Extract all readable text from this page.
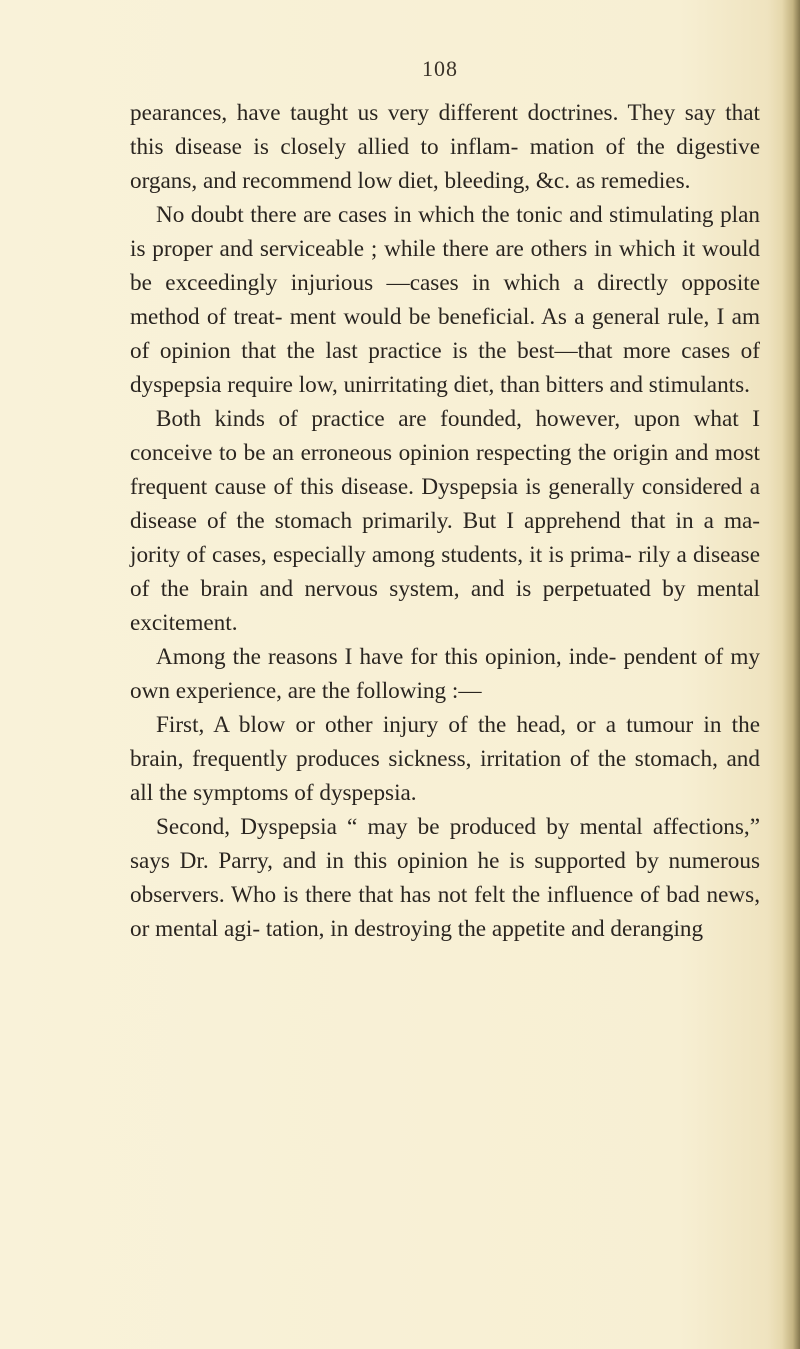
108

pearances, have taught us very different doctrines. They say that this disease is closely allied to inflam- mation of the digestive organs, and recommend low diet, bleeding, &c. as remedies.

No doubt there are cases in which the tonic and stimulating plan is proper and serviceable ; while there are others in which it would be exceedingly injurious —cases in which a directly opposite method of treat- ment would be beneficial. As a general rule, I am of opinion that the last practice is the best—that more cases of dyspepsia require low, unirritating diet, than bitters and stimulants.

Both kinds of practice are founded, however, upon what I conceive to be an erroneous opinion respecting the origin and most frequent cause of this disease. Dyspepsia is generally considered a disease of the stomach primarily. But I apprehend that in a ma- jority of cases, especially among students, it is prima- rily a disease of the brain and nervous system, and is perpetuated by mental excitement.

Among the reasons I have for this opinion, inde- pendent of my own experience, are the following :—

First, A blow or other injury of the head, or a tumour in the brain, frequently produces sickness, irritation of the stomach, and all the symptoms of dyspepsia.

Second, Dyspepsia “ may be produced by mental affections,” says Dr. Parry, and in this opinion he is supported by numerous observers. Who is there that has not felt the influence of bad news, or mental agi- tation, in destroying the appetite and deranging
